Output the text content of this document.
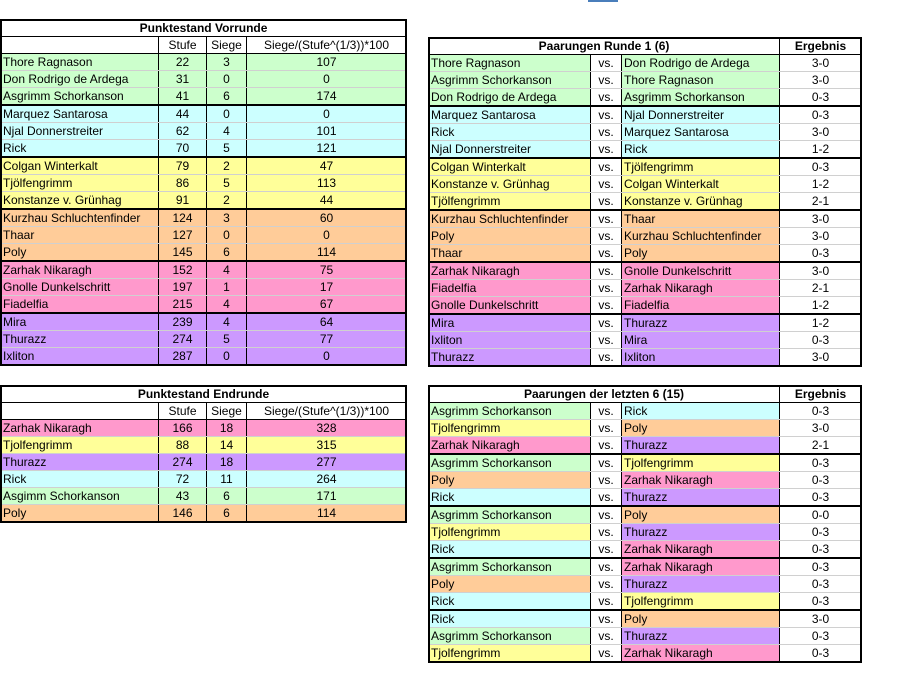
Punktestand Vorrunde			
	Stufe	Siege	Siege/(Stufe^(1/3))*100
Thore Ragnason	22	3	107
Don Rodrigo de Ardega	31	0	0
Asgrimm Schorkanson	41	6	174
Marquez Santarosa	44	0	0
Njal Donnerstreiter	62	4	101
Rick	70	5	121
Colgan Winterkalt	79	2	47
Tjölfengrimm	86	5	113
Konstanze v. Grünhag	91	2	44
Kurzhau Schluchtenfinder	124	3	60
Thaar	127	0	0
Poly	145	6	114
Zarhak Nikaragh	152	4	75
Gnolle Dunkelschritt	197	1	17
Fiadelfia	215	4	67
Mira	239	4	64
Thurazz	274	5	77
Ixliton	287	0	0
Punktestand Endrunde			
	Stufe	Siege	Siege/(Stufe^(1/3))*100
Zarhak Nikaragh	166	18	328
Tjolfengrimm	88	14	315
Thurazz	274	18	277
Rick	72	11	264
Asgimm Schorkanson	43	6	171
Poly	146	6	114
Paarungen Runde 1 (6)			Ergebnis
Thore Ragnason	vs.	Don Rodrigo de Ardega	3-0
Asgrimm Schorkanson	vs.	Thore Ragnason	3-0
Don Rodrigo de Ardega	vs.	Asgrimm Schorkanson	0-3
Marquez Santarosa	vs.	Njal Donnerstreiter	0-3
Rick	vs.	Marquez Santarosa	3-0
Njal Donnerstreiter	vs.	Rick	1-2
Colgan Winterkalt	vs.	Tjölfengrimm	0-3
Konstanze v. Grünhag	vs.	Colgan Winterkalt	1-2
Tjölfengrimm	vs.	Konstanze v. Grünhag	2-1
Kurzhau Schluchtenfinder	vs.	Thaar	3-0
Poly	vs.	Kurzhau Schluchtenfinder	3-0
Thaar	vs.	Poly	0-3
Zarhak Nikaragh	vs.	Gnolle Dunkelschritt	3-0
Fiadelfia	vs.	Zarhak Nikaragh	2-1
Gnolle Dunkelschritt	vs.	Fiadelfia	1-2
Mira	vs.	Thurazz	1-2
Ixliton	vs.	Mira	0-3
Thurazz	vs.	Ixliton	3-0
Paarungen der letzten 6 (15)			Ergebnis
Asgrimm Schorkanson	vs.	Rick	0-3
Tjolfengrimm	vs.	Poly	3-0
Zarhak Nikaragh	vs.	Thurazz	2-1
Asgrimm Schorkanson	vs.	Tjolfengrimm	0-3
Poly	vs.	Zarhak Nikaragh	0-3
Rick	vs.	Thurazz	0-3
Asgrimm Schorkanson	vs.	Poly	0-0
Tjolfengrimm	vs.	Thurazz	0-3
Rick	vs.	Zarhak Nikaragh	0-3
Asgrimm Schorkanson	vs.	Zarhak Nikaragh	0-3
Poly	vs.	Thurazz	0-3
Rick	vs.	Tjolfengrimm	0-3
Rick	vs.	Poly	3-0
Asgrimm Schorkanson	vs.	Thurazz	0-3
Tjolfengrimm	vs.	Zarhak Nikaragh	0-3
